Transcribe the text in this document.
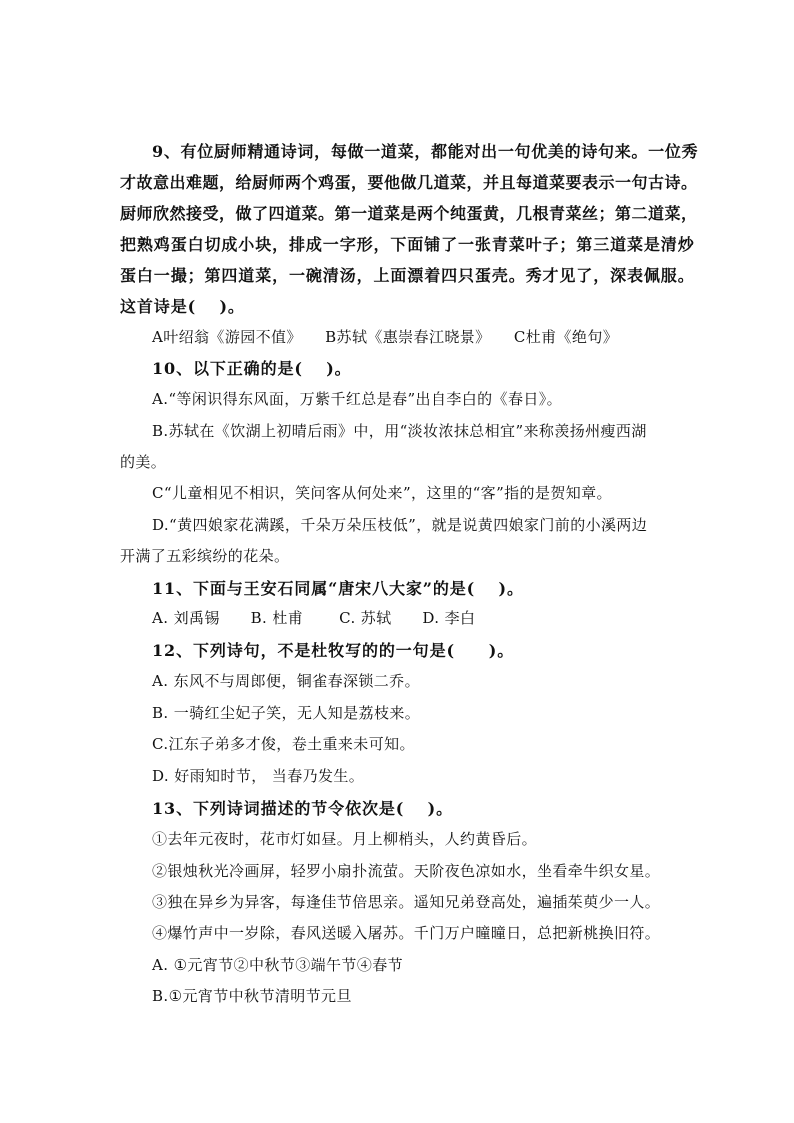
9、有位厨师精通诗词，每做一道菜，都能对出一句优美的诗句来。一位秀
才故意出难题，给厨师两个鸡蛋，要他做几道菜，并且每道菜要表示一句古诗。
厨师欣然接受，做了四道菜。第一道菜是两个纯蛋黄，几根青菜丝；第二道菜，
把熟鸡蛋白切成小块，排成一字形，下面铺了一张青菜叶子；第三道菜是清炒
蛋白一撮；第四道菜，一碗清汤，上面漂着四只蛋壳。秀才见了，深表佩服。
这首诗是(　 )。
A叶绍翁《游园不值》　　B苏轼《惠崇春江晓景》　　C杜甫《绝句》
10、以下正确的是(　 )。
A.“等闲识得东风面，万紫千红总是春”出自李白的《春日》。
B.苏轼在《饮湖上初晴后雨》中，用“淡妆浓抹总相宜”来称羡扬州瘦西湖
的美。
C“儿童相见不相识，笑问客从何处来”，这里的“客”指的是贺知章。
D.“黄四娘家花满蹊，千朵万朵压枝低”，就是说黄四娘家门前的小溪两边
开满了五彩缤纷的花朵。
11、下面与王安石同属“唐宋八大家”的是(　 )。
A. 刘禹锡　　B. 杜甫　　 C. 苏轼　　D. 李白
12、下列诗句，不是杜牧写的的一句是(　　)。
A. 东风不与周郎便，铜雀春深锁二乔。
B. 一骑红尘妃子笑，无人知是荔枝来。
C.江东子弟多才俊，卷土重来未可知。
D. 好雨知时节， 当春乃发生。
13、下列诗词描述的节令依次是(　 )。
①去年元夜时，花市灯如昼。月上柳梢头，人约黄昏后。
②银烛秋光冷画屏，轻罗小扇扑流萤。天阶夜色凉如水，坐看牵牛织女星。
③独在异乡为异客，每逢佳节倍思亲。遥知兄弟登高处，遍插茱萸少一人。
④爆竹声中一岁除，春风送暖入屠苏。千门万户曈曈日，总把新桃换旧符。
A. ①元宵节②中秋节③端午节④春节
B.①元宵节中秋节清明节元旦
